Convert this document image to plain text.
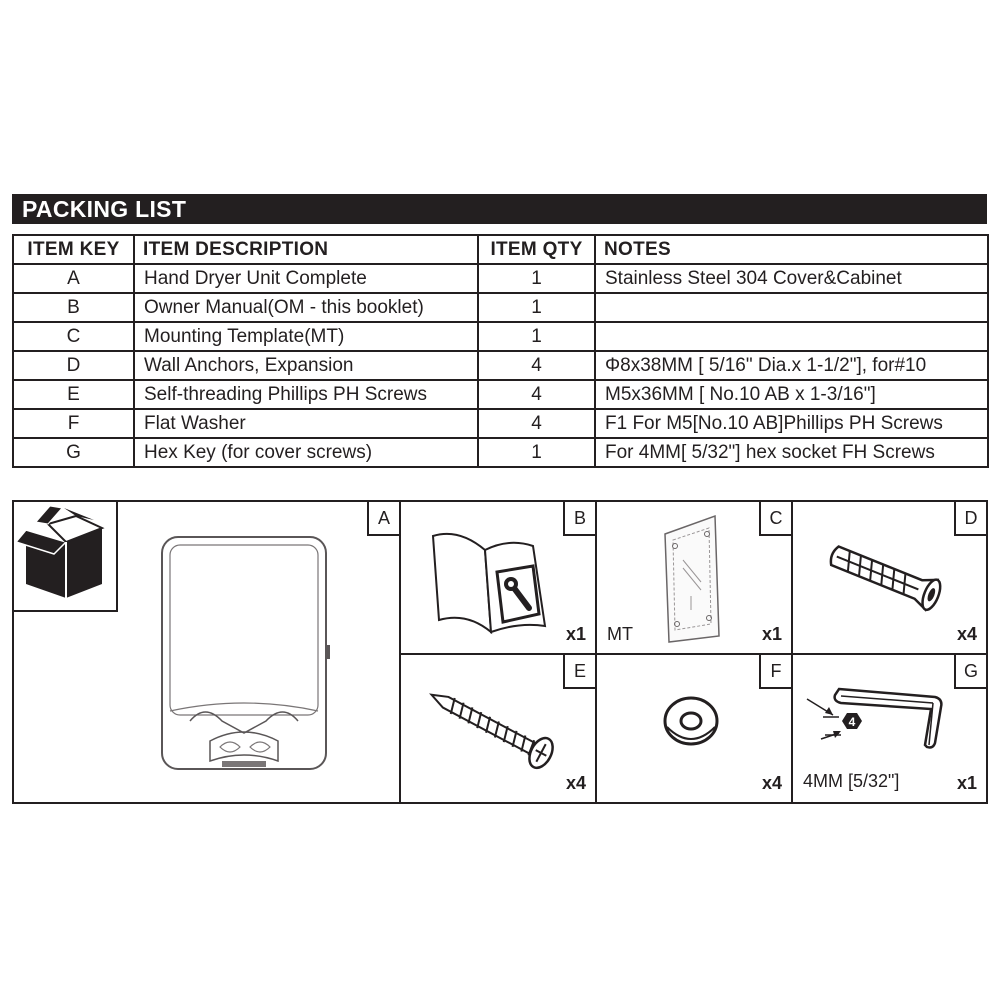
PACKING LIST
ITEM KEY	ITEM DESCRIPTION	ITEM QTY	NOTES
A	Hand Dryer Unit Complete	1	Stainless Steel 304 Cover&Cabinet
B	Owner Manual(OM - this booklet)	1	
C	Mounting Template(MT)	1	
D	Wall Anchors, Expansion	4	Φ8x38MM [ 5/16" Dia.x 1-1/2"], for#10
E	Self-threading Phillips PH Screws	4	M5x36MM [ No.10 AB x 1-3/16"]
F	Flat Washer	4	F1 For M5[No.10 AB]Phillips PH Screws
G	Hex Key (for cover screws)	1	For 4MM[ 5/32"] hex socket FH Screws
A	B
x1
C
MT	x1
D
x4
E
x4
F
x4
G
4
4MM [5/32"]	x1
